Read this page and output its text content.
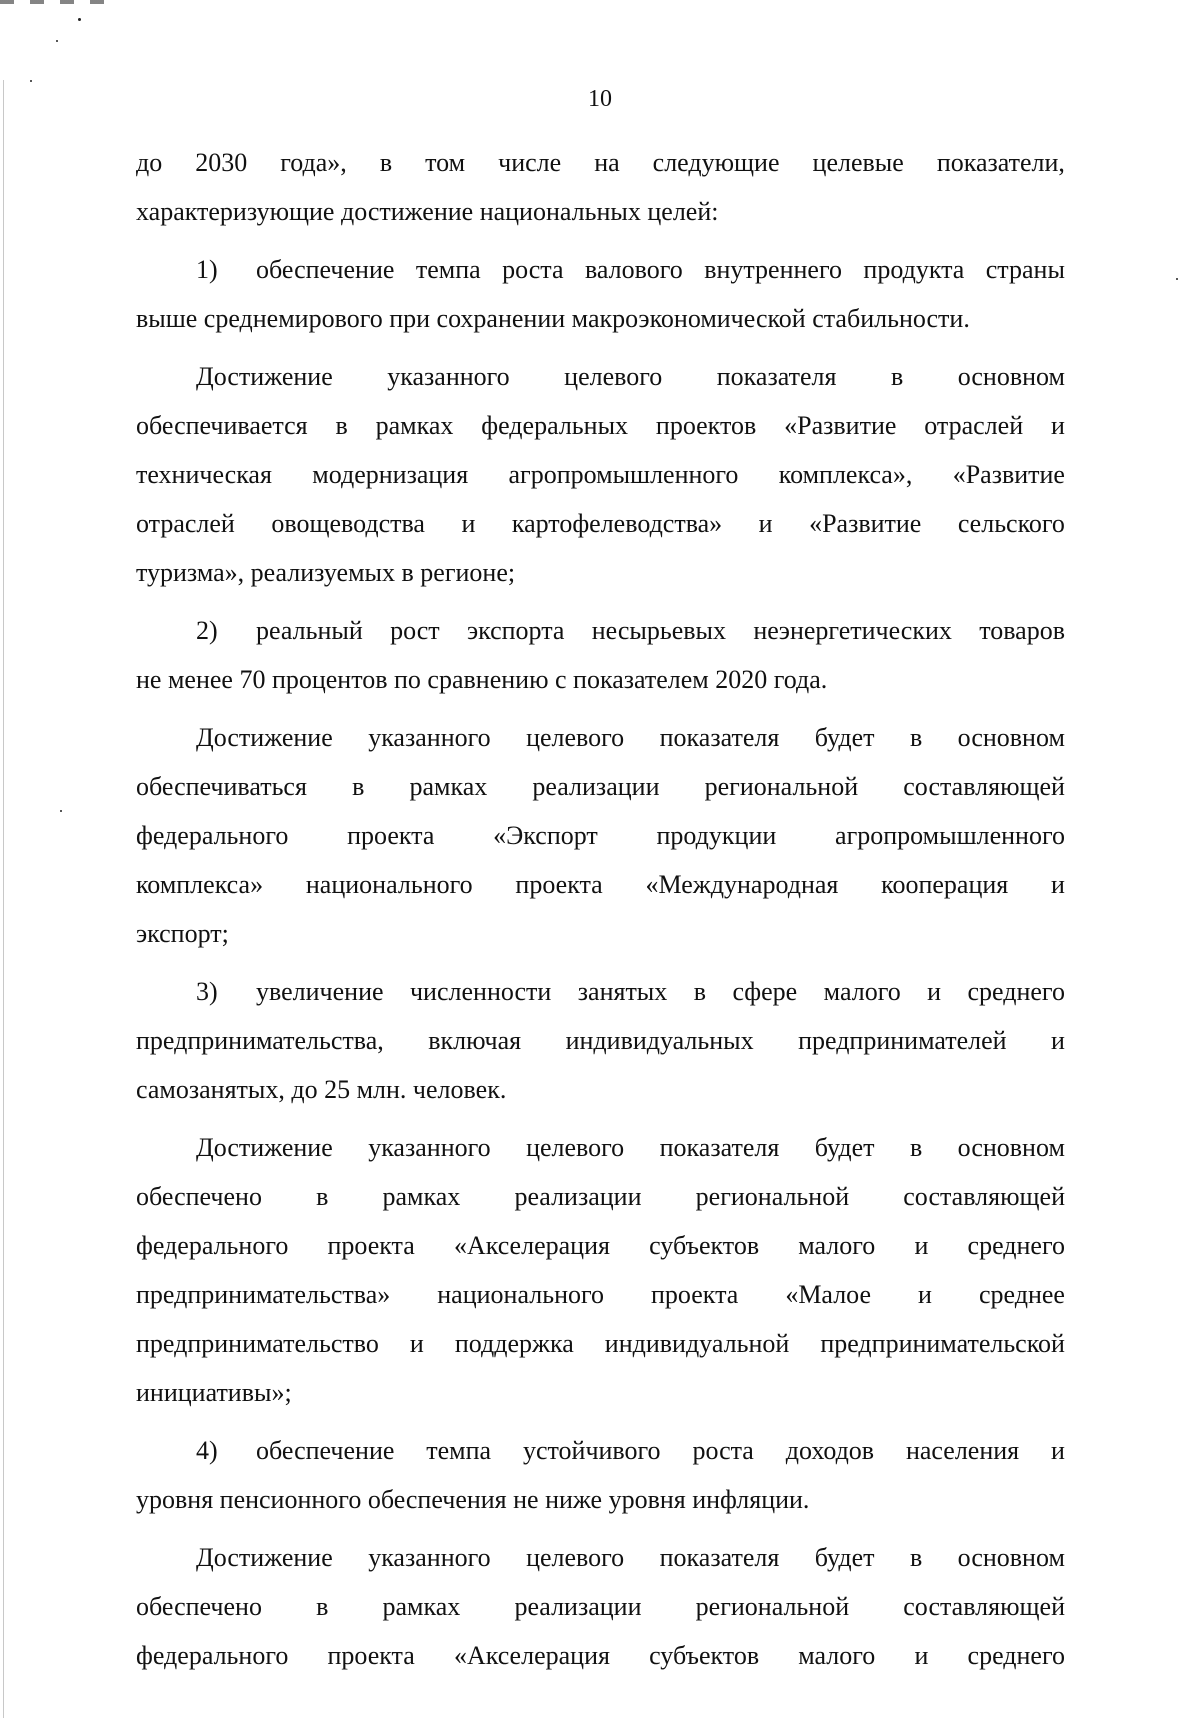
10
до 2030 года», в том числе на следующие целевые показатели,
характеризующие достижение национальных целей:
1)	обеспечение темпа роста валового внутреннего продукта страны
выше среднемирового при сохранении макроэкономической стабильности.
Достижение указанного целевого показателя в основном
обеспечивается в рамках федеральных проектов «Развитие отраслей и
техническая модернизация агропромышленного комплекса», «Развитие
отраслей овощеводства и картофелеводства» и «Развитие сельского
туризма», реализуемых в регионе;
2)	реальный рост экспорта несырьевых неэнергетических товаров
не менее 70 процентов по сравнению с показателем 2020 года.
Достижение указанного целевого показателя будет в основном
обеспечиваться в рамках реализации региональной составляющей
федерального проекта «Экспорт продукции агропромышленного
комплекса» национального проекта «Международная кооперация и
экспорт;
3)	увеличение численности занятых в сфере малого и среднего
предпринимательства, включая индивидуальных предпринимателей и
самозанятых, до 25 млн. человек.
Достижение указанного целевого показателя будет в основном
обеспечено в рамках реализации региональной составляющей
федерального проекта «Акселерация субъектов малого и среднего
предпринимательства» национального проекта «Малое и среднее
предпринимательство и поддержка индивидуальной предпринимательской
инициативы»;
4)	обеспечение темпа устойчивого роста доходов населения и
уровня пенсионного обеспечения не ниже уровня инфляции.
Достижение указанного целевого показателя будет в основном
обеспечено в рамках реализации региональной составляющей
федерального проекта «Акселерация субъектов малого и среднего
